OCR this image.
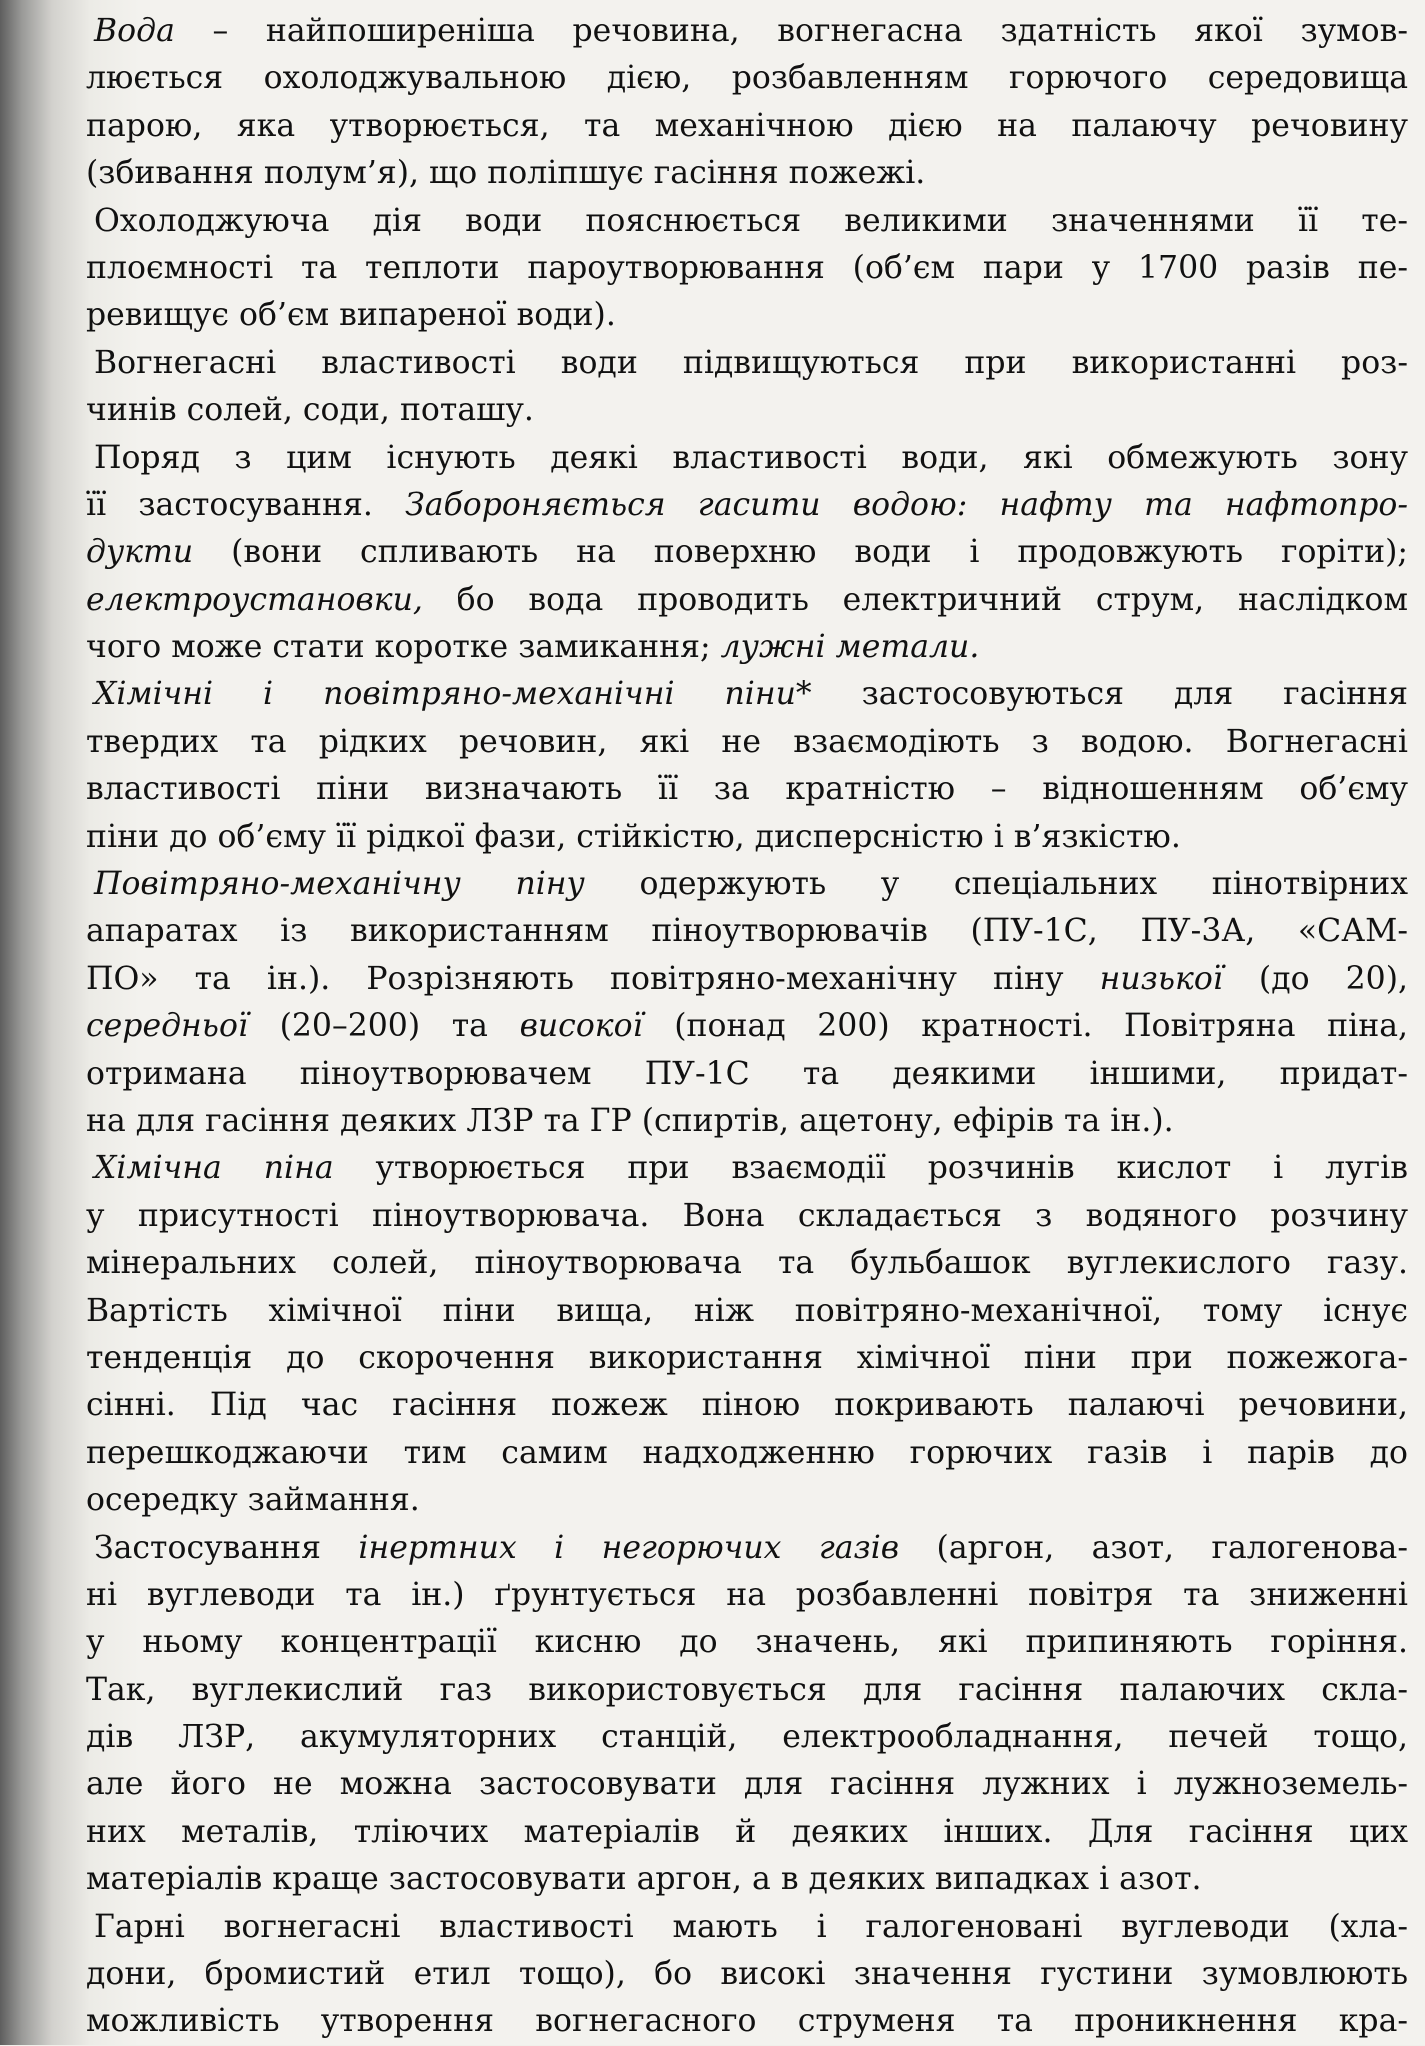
Вода – найпоширеніша речовина, вогнегасна здатність якої зумов-
люється охолоджувальною дією, розбавленням горючого середовища
парою, яка утворюється, та механічною дією на палаючу речовину
(збивання полум’я), що поліпшує гасіння пожежі.
Охолоджуюча дія води пояснюється великими значеннями її те-
плоємності та теплоти пароутворювання (об’єм пари у 1700 разів пе-
ревищує об’єм випареної води).
Вогнегасні властивості води підвищуються при використанні роз-
чинів солей, соди, поташу.
Поряд з цим існують деякі властивості води, які обмежують зону
її застосування. Забороняється гасити водою: нафту та нафтопро-
дукти (вони спливають на поверхню води і продовжують горіти);
електроустановки, бо вода проводить електричний струм, наслідком
чого може стати коротке замикання; лужні метали.
Хімічні і повітряно-механічні піни* застосовуються для гасіння
твердих та рідких речовин, які не взаємодіють з водою. Вогнегасні
властивості піни визначають її за кратністю – відношенням об’єму
піни до об’єму її рідкої фази, стійкістю, дисперсністю і в’язкістю.
Повітряно-механічну піну одержують у спеціальних пінотвірних
апаратах із використанням піноутворювачів (ПУ-1С, ПУ-3А, «САМ-
ПО» та ін.). Розрізняють повітряно-механічну піну низької (до 20),
середньої (20–200) та високої (понад 200) кратності. Повітряна піна,
отримана піноутворювачем ПУ-1С та деякими іншими, придат-
на для гасіння деяких ЛЗР та ГР (спиртів, ацетону, ефірів та ін.).
Хімічна піна утворюється при взаємодії розчинів кислот і лугів
у присутності піноутворювача. Вона складається з водяного розчину
мінеральних солей, піноутворювача та бульбашок вуглекислого газу.
Вартість хімічної піни вища, ніж повітряно-механічної, тому існує
тенденція до скорочення використання хімічної піни при пожежога-
сінні. Під час гасіння пожеж піною покривають палаючі речовини,
перешкоджаючи тим самим надходженню горючих газів і парів до
осередку займання.
Застосування інертних і негорючих газів (аргон, азот, галогенова-
ні вуглеводи та ін.) ґрунтується на розбавленні повітря та зниженні
у ньому концентрації кисню до значень, які припиняють горіння.
Так, вуглекислий газ використовується для гасіння палаючих скла-
дів ЛЗР, акумуляторних станцій, електрообладнання, печей тощо,
але його не можна застосовувати для гасіння лужних і лужноземель-
них металів, тліючих матеріалів й деяких інших. Для гасіння цих
матеріалів краще застосовувати аргон, а в деяких випадках і азот.
Гарні вогнегасні властивості мають і галогеновані вуглеводи (хла-
дони, бромистий етил тощо), бо високі значення густини зумовлюють
можливість утворення вогнегасного струменя та проникнення кра-
